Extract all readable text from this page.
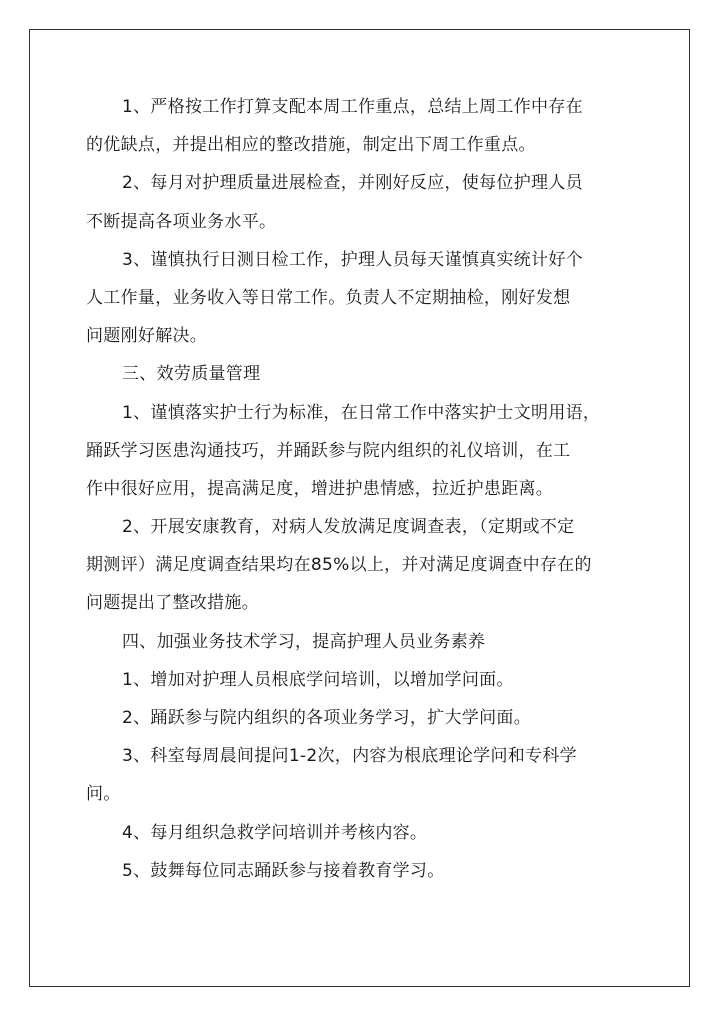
1、严格按工作打算支配本周工作重点，总结上周工作中存在
的优缺点，并提出相应的整改措施，制定出下周工作重点。
2、每月对护理质量进展检查，并刚好反应，使每位护理人员
不断提高各项业务水平。
3、谨慎执行日测日检工作，护理人员每天谨慎真实统计好个
人工作量，业务收入等日常工作。负责人不定期抽检，刚好发想
问题刚好解决。
三、效劳质量管理
1、谨慎落实护士行为标准，在日常工作中落实护士文明用语，
踊跃学习医患沟通技巧，并踊跃参与院内组织的礼仪培训，在工
作中很好应用，提高满足度，增进护患情感，拉近护患距离。
2、开展安康教育，对病人发放满足度调查表，（定期或不定
期测评）满足度调查结果均在85%以上，并对满足度调查中存在的
问题提出了整改措施。
四、加强业务技术学习，提高护理人员业务素养
1、增加对护理人员根底学问培训，以增加学问面。
2、踊跃参与院内组织的各项业务学习，扩大学问面。
3、科室每周晨间提问1-2次，内容为根底理论学问和专科学
问。
4、每月组织急救学问培训并考核内容。
5、鼓舞每位同志踊跃参与接着教育学习。
